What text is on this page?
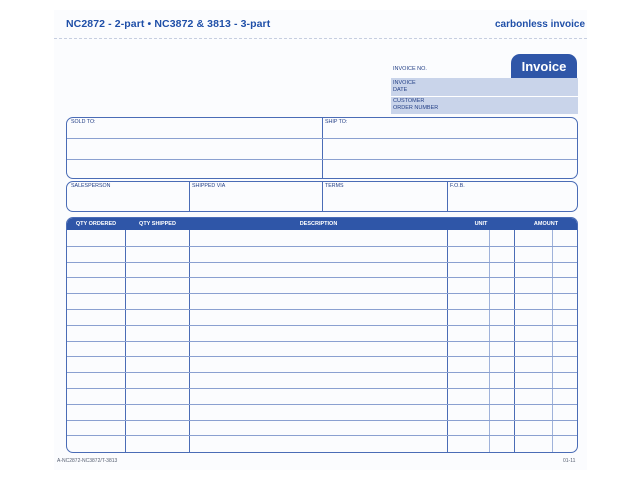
NC2872 - 2-part • NC3872 & 3813 - 3-part	carbonless invoice
INVOICE NO.	Invoice
INVOICE
DATE
CUSTOMER
ORDER NUMBER
SOLD TO:	SHIP TO:
SALESPERSON	SHIPPED VIA	TERMS	F.O.B.
QTY ORDERED	QTY SHIPPED	DESCRIPTION	UNIT	AMOUNT
A-NC2872-NC3872/T-3813	01-11
